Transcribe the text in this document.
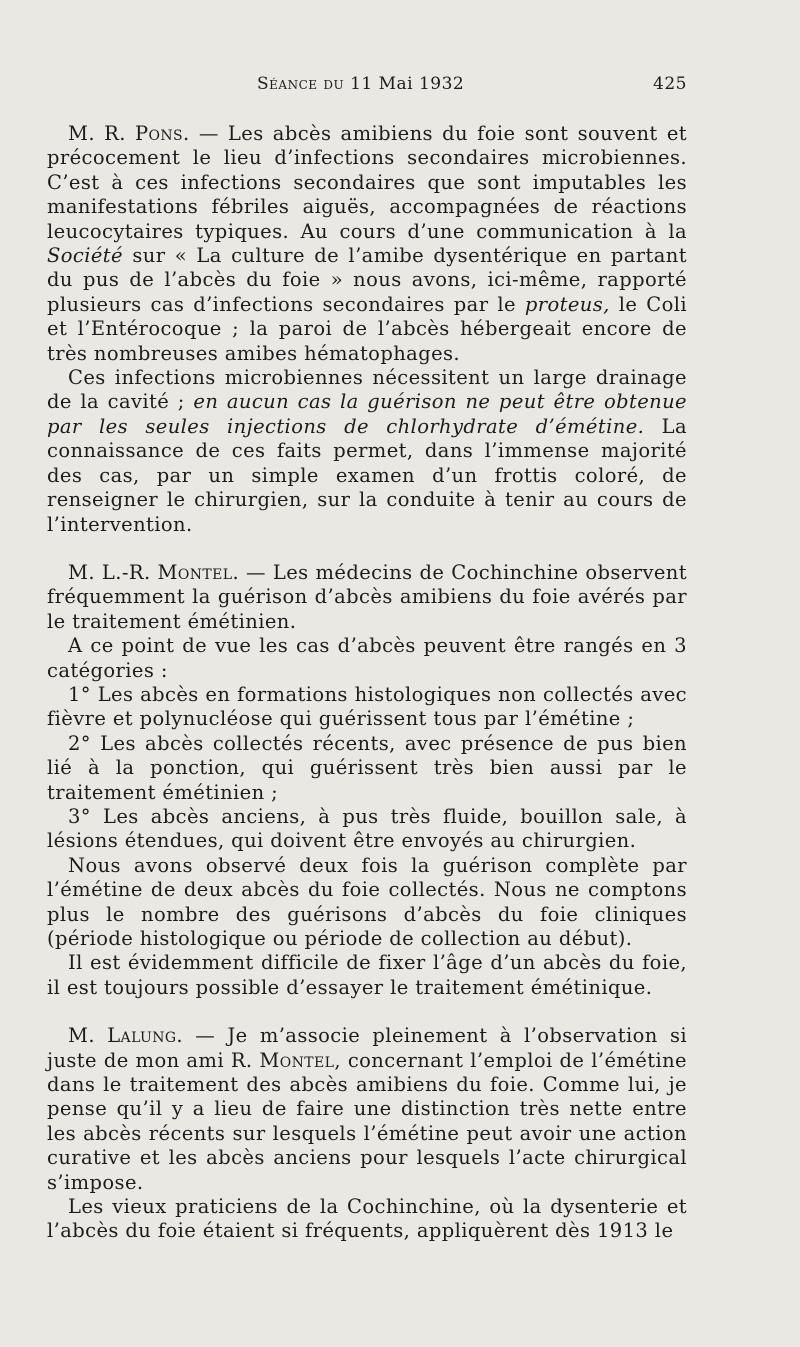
Séance du 11 Mai 1932	425

M. R. Pons. — Les abcès amibiens du foie sont souvent et précocement le lieu d’infections secondaires microbiennes. C’est à ces infections secondaires que sont imputables les manifestations fébriles aiguës, accompagnées de réactions leucocytaires typiques. Au cours d’une communication à la Société sur « La culture de l’amibe dysentérique en partant du pus de l’abcès du foie » nous avons, ici-même, rapporté plusieurs cas d’infections secondaires par le proteus, le Coli et l’Entérocoque ; la paroi de l’abcès hébergeait encore de très nombreuses amibes hématophages.

Ces infections microbiennes nécessitent un large drainage de la cavité ; en aucun cas la guérison ne peut être obtenue par les seules injections de chlorhydrate d’émétine. La connaissance de ces faits permet, dans l’immense majorité des cas, par un simple examen d’un frottis coloré, de renseigner le chirurgien, sur la conduite à tenir au cours de l’intervention.

M. L.-R. Montel. — Les médecins de Cochinchine observent fréquemment la guérison d’abcès amibiens du foie avérés par le traitement émétinien.

A ce point de vue les cas d’abcès peuvent être rangés en 3 catégories :

1° Les abcès en formations histologiques non collectés avec fièvre et polynucléose qui guérissent tous par l’émétine ;

2° Les abcès collectés récents, avec présence de pus bien lié à la ponction, qui guérissent très bien aussi par le traitement émétinien ;

3° Les abcès anciens, à pus très fluide, bouillon sale, à lésions étendues, qui doivent être envoyés au chirurgien.

Nous avons observé deux fois la guérison complète par l’émétine de deux abcès du foie collectés. Nous ne comptons plus le nombre des guérisons d’abcès du foie cliniques (période histologique ou période de collection au début).

Il est évidemment difficile de fixer l’âge d’un abcès du foie, il est toujours possible d’essayer le traitement émétinique.

M. Lalung. — Je m’associe pleinement à l’observation si juste de mon ami R. Montel, concernant l’emploi de l’émétine dans le traitement des abcès amibiens du foie. Comme lui, je pense qu’il y a lieu de faire une distinction très nette entre les abcès récents sur lesquels l’émétine peut avoir une action curative et les abcès anciens pour lesquels l’acte chirurgical s’impose.

Les vieux praticiens de la Cochinchine, où la dysenterie et l’abcès du foie étaient si fréquents, appliquèrent dès 1913 le
